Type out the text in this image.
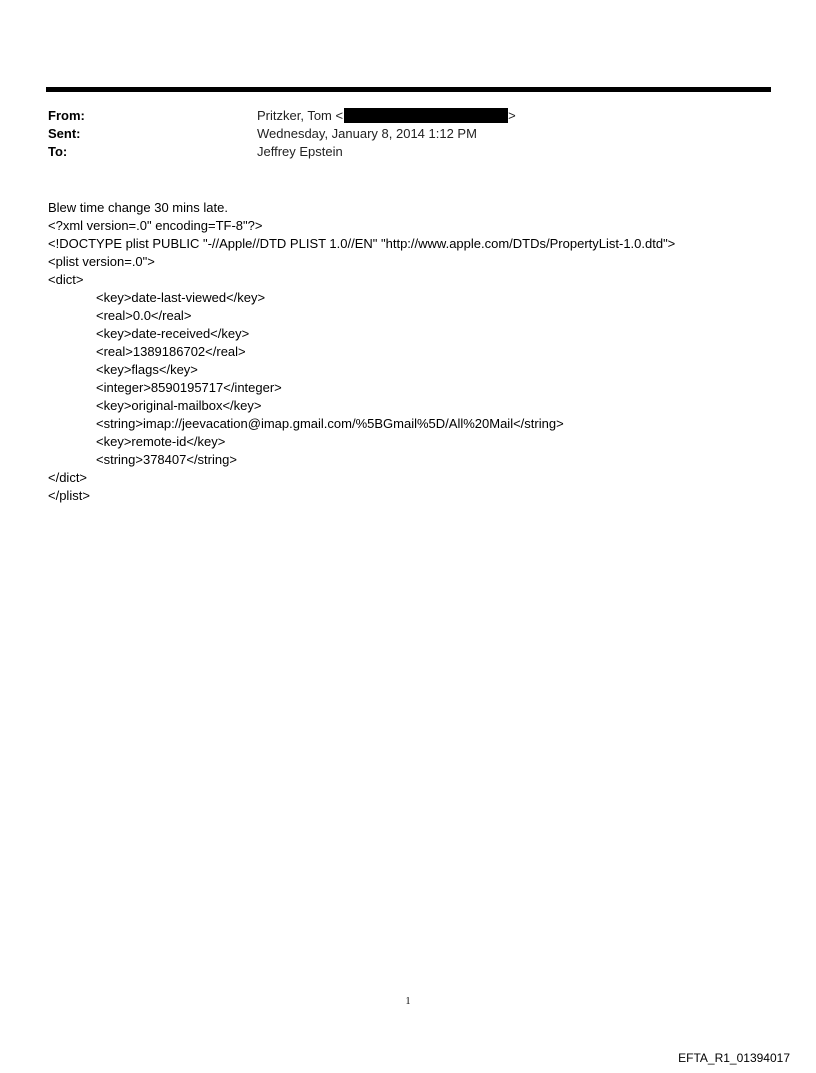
From:	Pritzker, Tom <	>
Sent:	Wednesday, January 8, 2014 1:12 PM
To:	Jeffrey Epstein
Blew time change 30 mins late.
<?xml version=.0" encoding=TF-8"?>
<!DOCTYPE plist PUBLIC "-//Apple//DTD PLIST 1.0//EN" "http://www.apple.com/DTDs/PropertyList-1.0.dtd">
<plist version=.0">
<dict>
<key>date-last-viewed</key>
<real>0.0</real>
<key>date-received</key>
<real>1389186702</real>
<key>flags</key>
<integer>8590195717</integer>
<key>original-mailbox</key>
<string>imap://jeevacation@imap.gmail.com/%5BGmail%5D/All%20Mail</string>
<key>remote-id</key>
<string>378407</string>
</dict>
</plist>
1
EFTA_R1_01394017
